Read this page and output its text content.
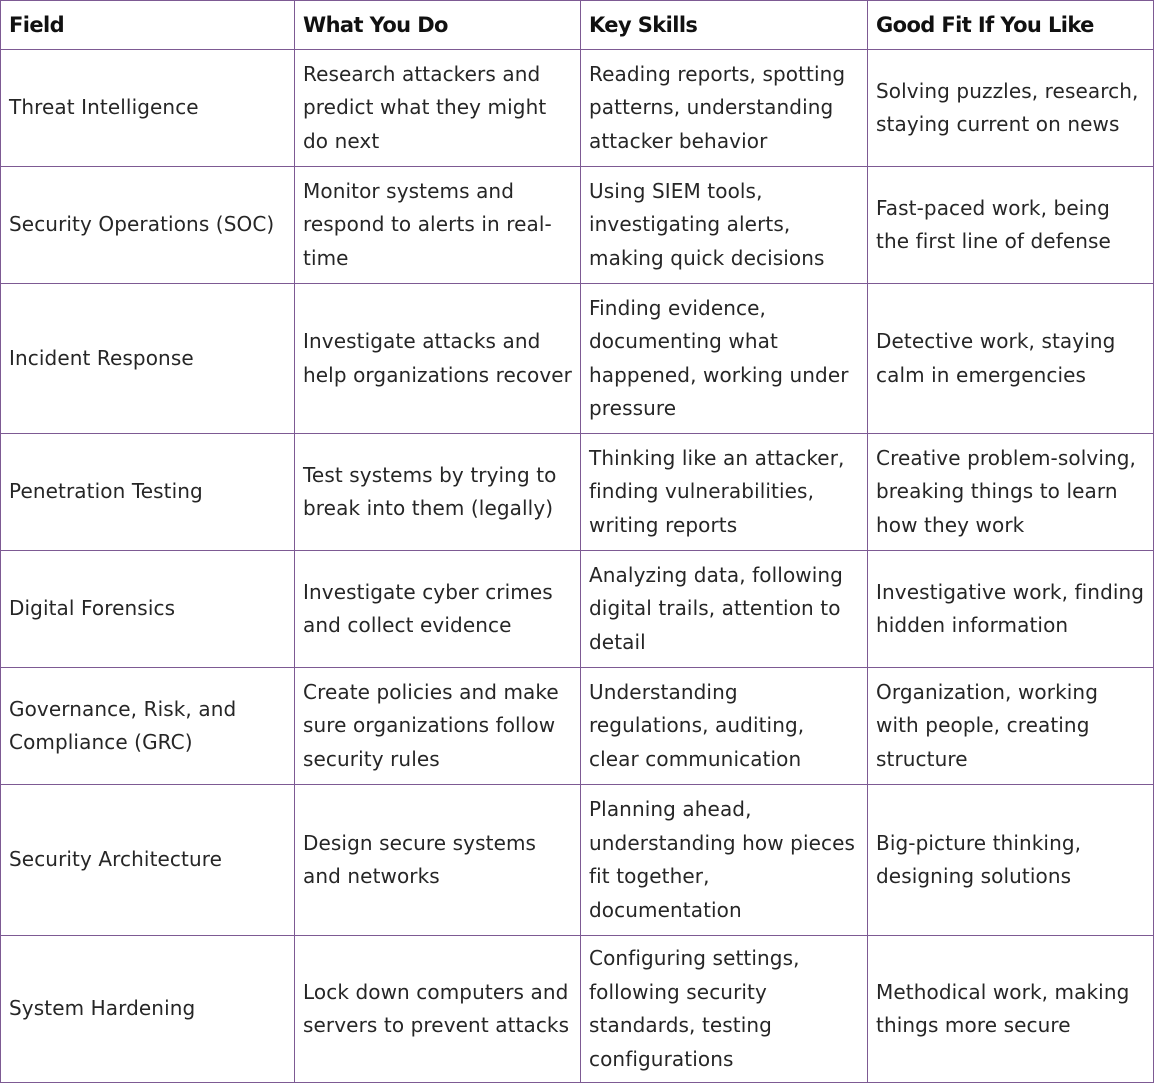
Field	What You Do	Key Skills	Good Fit If You Like

Threat Intelligence	Research attackers and predict what they might do next	Reading reports, spotting patterns, understanding attacker behavior	Solving puzzles, research, staying current on news

Security Operations (SOC)	Monitor systems and respond to alerts in real-time	Using SIEM tools, investigating alerts, making quick decisions	Fast-paced work, being the first line of defense

Incident Response	Investigate attacks and help organizations recover	Finding evidence, documenting what happened, working under pressure	Detective work, staying calm in emergencies

Penetration Testing	Test systems by trying to break into them (legally)	Thinking like an attacker, finding vulnerabilities, writing reports	Creative problem-solving, breaking things to learn how they work

Digital Forensics	Investigate cyber crimes and collect evidence	Analyzing data, following digital trails, attention to detail	Investigative work, finding hidden information

Governance, Risk, and Compliance (GRC)	Create policies and make sure organizations follow security rules	Understanding regulations, auditing, clear communication	Organization, working with people, creating structure

Security Architecture	Design secure systems and networks	Planning ahead, understanding how pieces fit together, documentation	Big-picture thinking, designing solutions

System Hardening	Lock down computers and servers to prevent attacks	Configuring settings, following security standards, testing configurations	Methodical work, making things more secure
